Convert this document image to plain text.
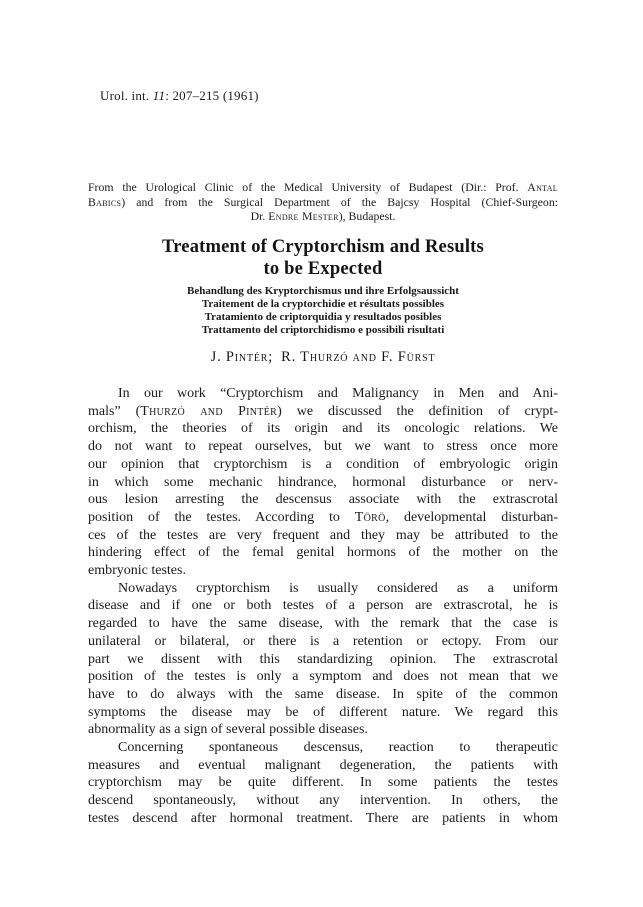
Urol. int. 11: 207–215 (1961)
From the Urological Clinic of the Medical University of Budapest (Dir.: Prof. Antal
Babics) and from the Surgical Department of the Bajcsy Hospital (Chief-Surgeon:
Dr. Endre Mester), Budapest.
Treatment of Cryptorchism and Results
to be Expected
Behandlung des Kryptorchismus und ihre Erfolgsaussicht
Traitement de la cryptorchidie et résultats possibles
Tratamiento de criptorquidia y resultados posibles
Trattamento del criptorchidismo e possibili risultati
J. Pintér; R. Thurzó and F. Fürst
In our work “Cryptorchism and Malignancy in Men and Ani-
mals” (Thurzó and Pintér) we discussed the definition of crypt-
orchism, the theories of its origin and its oncologic relations. We
do not want to repeat ourselves, but we want to stress once more
our opinion that cryptorchism is a condition of embryologic origin
in which some mechanic hindrance, hormonal disturbance or nerv-
ous lesion arresting the descensus associate with the extrascrotal
position of the testes. According to Törö, developmental disturban-
ces of the testes are very frequent and they may be attributed to the
hindering effect of the femal genital hormons of the mother on the
embryonic testes.
Nowadays cryptorchism is usually considered as a uniform
disease and if one or both testes of a person are extrascrotal, he is
regarded to have the same disease, with the remark that the case is
unilateral or bilateral, or there is a retention or ectopy. From our
part we dissent with this standardizing opinion. The extrascrotal
position of the testes is only a symptom and does not mean that we
have to do always with the same disease. In spite of the common
symptoms the disease may be of different nature. We regard this
abnormality as a sign of several possible diseases.
Concerning spontaneous descensus, reaction to therapeutic
measures and eventual malignant degeneration, the patients with
cryptorchism may be quite different. In some patients the testes
descend spontaneously, without any intervention. In others, the
testes descend after hormonal treatment. There are patients in whom
